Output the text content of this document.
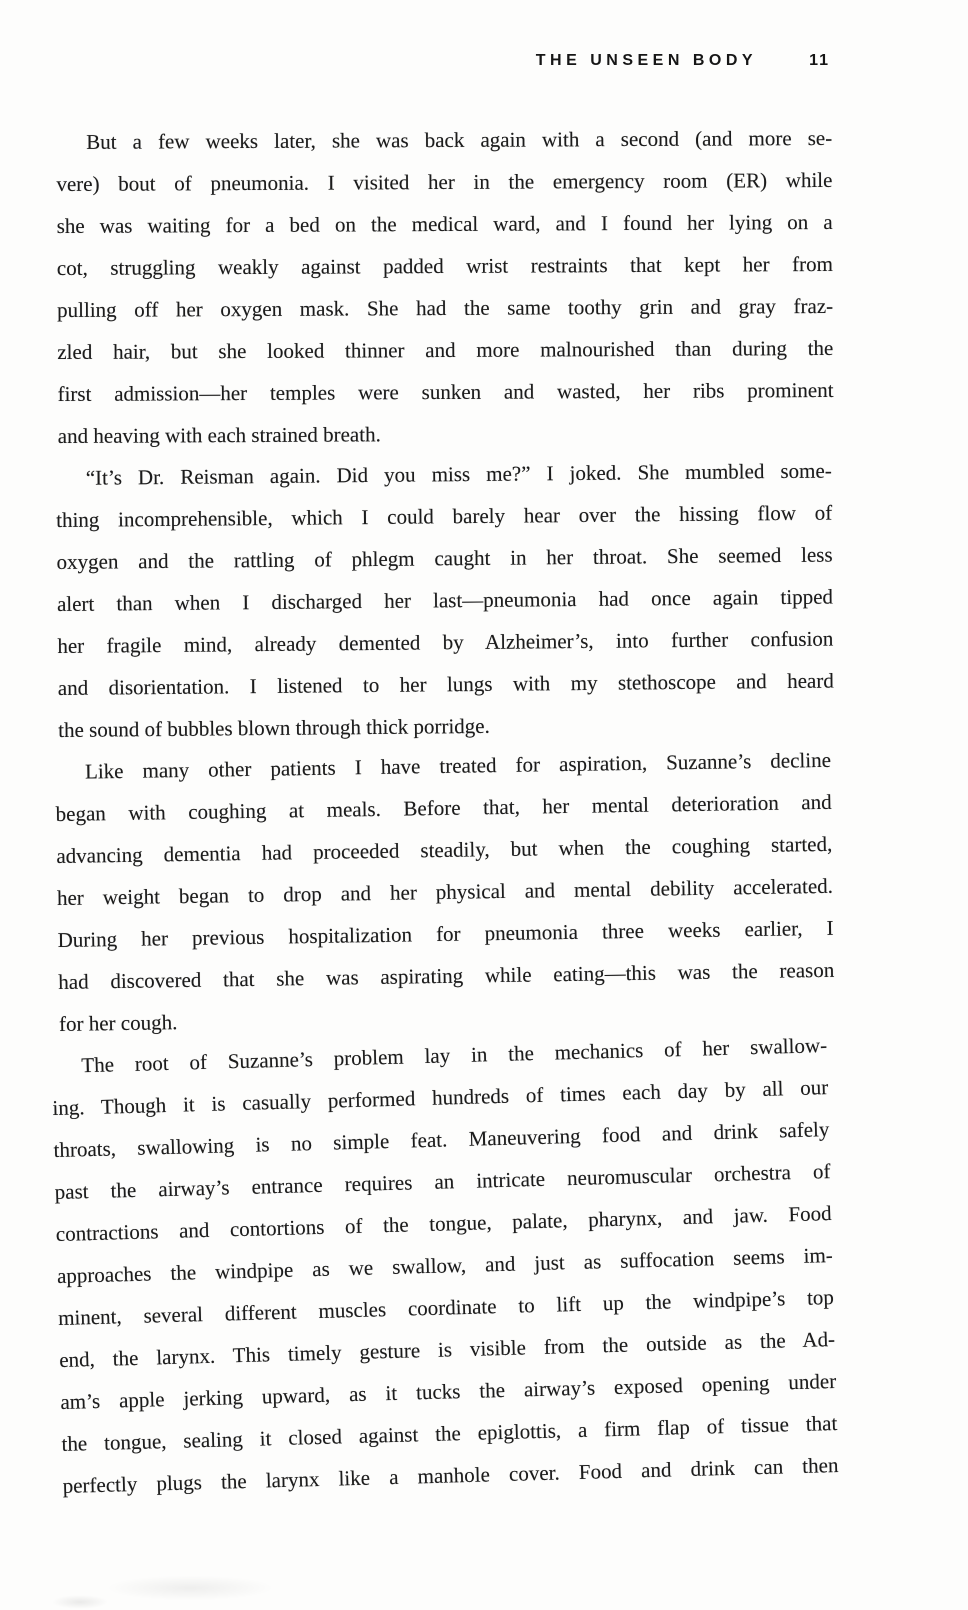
THE UNSEEN BODY	11
But a few weeks later, she was back again with a second (and more se-
vere) bout of pneumonia. I visited her in the emergency room (ER) while
she was waiting for a bed on the medical ward, and I found her lying on a
cot, struggling weakly against padded wrist restraints that kept her from
pulling off her oxygen mask. She had the same toothy grin and gray fraz-
zled hair, but she looked thinner and more malnourished than during the
first admission—her temples were sunken and wasted, her ribs prominent
and heaving with each strained breath.
“It’s Dr. Reisman again. Did you miss me?” I joked. She mumbled some-
thing incomprehensible, which I could barely hear over the hissing flow of
oxygen and the rattling of phlegm caught in her throat. She seemed less
alert than when I discharged her last—pneumonia had once again tipped
her fragile mind, already demented by Alzheimer’s, into further confusion
and disorientation. I listened to her lungs with my stethoscope and heard
the sound of bubbles blown through thick porridge.
Like many other patients I have treated for aspiration, Suzanne’s decline
began with coughing at meals. Before that, her mental deterioration and
advancing dementia had proceeded steadily, but when the coughing started,
her weight began to drop and her physical and mental debility accelerated.
During her previous hospitalization for pneumonia three weeks earlier, I
had discovered that she was aspirating while eating—this was the reason
for her cough.
The root of Suzanne’s problem lay in the mechanics of her swallow-
ing. Though it is casually performed hundreds of times each day by all our
throats, swallowing is no simple feat. Maneuvering food and drink safely
past the airway’s entrance requires an intricate neuromuscular orchestra of
contractions and contortions of the tongue, palate, pharynx, and jaw. Food
approaches the windpipe as we swallow, and just as suffocation seems im-
minent, several different muscles coordinate to lift up the windpipe’s top
end, the larynx. This timely gesture is visible from the outside as the Ad-
am’s apple jerking upward, as it tucks the airway’s exposed opening under
the tongue, sealing it closed against the epiglottis, a firm flap of tissue that
perfectly plugs the larynx like a manhole cover. Food and drink can then
